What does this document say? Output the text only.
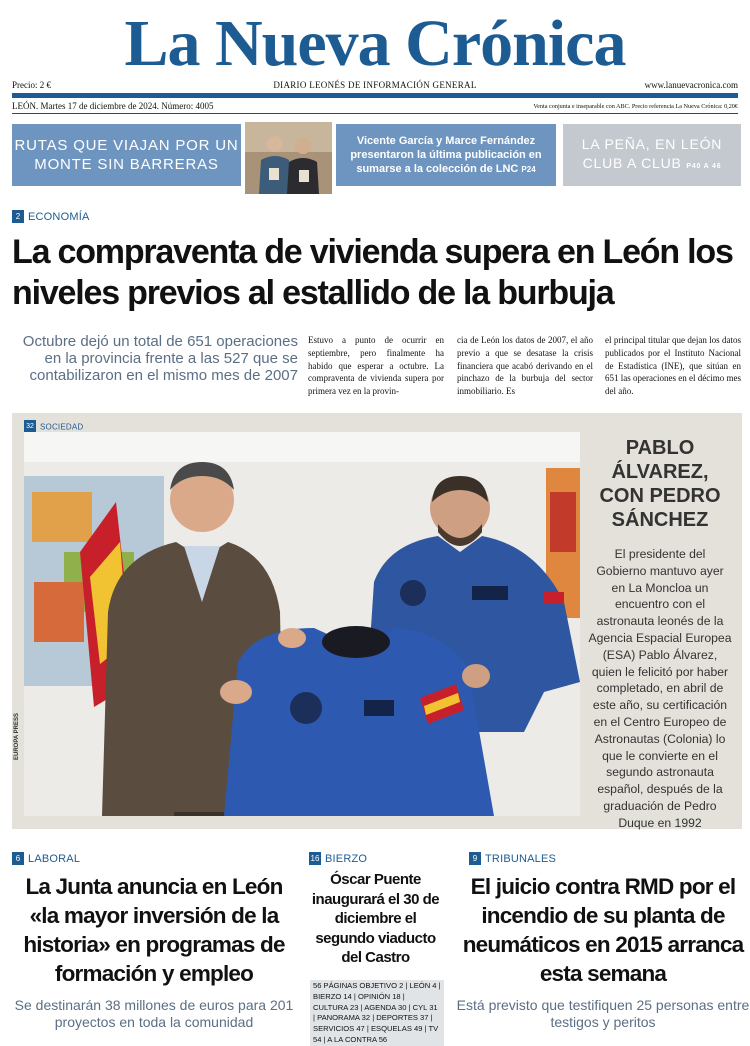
La Nueva Crónica
Precio: 2 €	DIARIO LEONÉS DE INFORMACIÓN GENERAL	www.lanuevacronica.com
LEÓN. Martes 17 de diciembre de 2024. Número: 4005	Venta conjunta e inseparable con ABC. Precio referencia La Nueva Crónica: 0,20€
RUTAS QUE VIAJAN POR UN MONTE SIN BARRERAS
Vicente García y Marce Fernández presentaron la última publicación en sumarse a la colección de LNC P24
LA PEÑA, EN LEÓN CLUB A CLUB P40 A 46
2 ECONOMÍA
La compraventa de vivienda supera en León los niveles previos al estallido de la burbuja
Octubre dejó un total de 651 operaciones en la provincia frente a las 527 que se contabilizaron en el mismo mes de 2007
Estuvo a punto de ocurrir en septiembre, pero finalmente ha habido que esperar a octubre. La compraventa de vivienda supera por primera vez en la provin-
cia de León los datos de 2007, el año previo a que se desatase la crisis financiera que acabó derivando en el pinchazo de la burbuja del sector inmobiliario. Es
el principal titular que dejan los datos publicados por el Instituto Nacional de Estadística (INE), que sitúan en 651 las operaciones en el décimo mes del año.
32 SOCIEDAD
EUROPA PRESS
PABLO ÁLVAREZ, CON PEDRO SÁNCHEZ
El presidente del Gobierno mantuvo ayer en La Moncloa un encuentro con el astronauta leonés de la Agencia Espacial Europea (ESA) Pablo Álvarez, quien le felicitó por haber completado, en abril de este año, su certificación en el Centro Europeo de Astronautas (Colonia) lo que le convierte en el segundo astronauta español, después de la graduación de Pedro Duque en 1992
6 LABORAL	16 BIERZO	9 TRIBUNALES
La Junta anuncia en León «la mayor inversión de la historia» en programas de formación y empleo
Se destinarán 38 millones de euros para 201 proyectos en toda la comunidad
Óscar Puente inaugurará el 30 de diciembre el segundo viaducto del Castro
56 PÁGINAS OBJETIVO 2 | LEÓN 4 | BIERZO 14 | OPINIÓN 18 | CULTURA 23 | AGENDA 30 | CYL 31 | PANORAMA 32 | DEPORTES 37 | SERVICIOS 47 | ESQUELAS 49 | TV 54 | A LA CONTRA 56
El juicio contra RMD por el incendio de su planta de neumáticos en 2015 arranca esta semana
Está previsto que testifiquen 25 personas entre testigos y peritos
